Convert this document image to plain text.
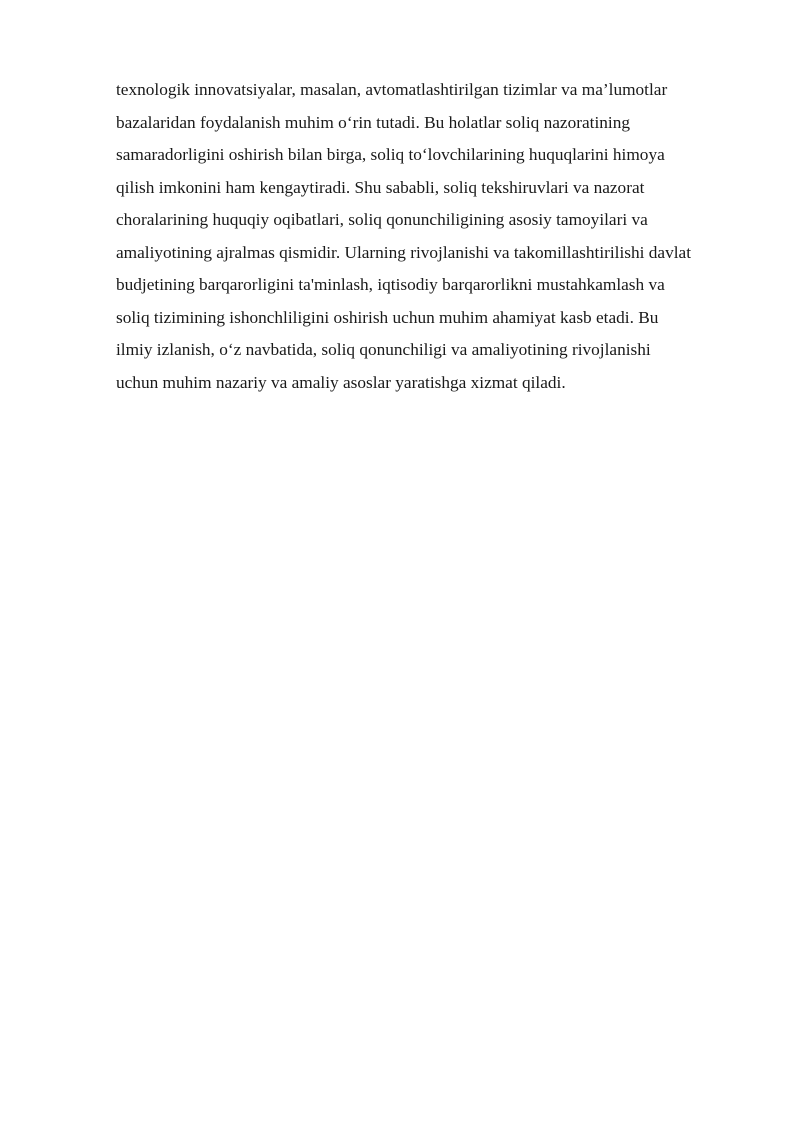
texnologik innovatsiyalar, masalan, avtomatlashtirilgan tizimlar va ma’lumotlar
bazalaridan foydalanish muhim o‘rin tutadi. Bu holatlar soliq nazoratining
samaradorligini oshirish bilan birga, soliq to‘lovchilarining huquqlarini himoya
qilish imkonini ham kengaytiradi. Shu sababli, soliq tekshiruvlari va nazorat
choralarining huquqiy oqibatlari, soliq qonunchiligining asosiy tamoyilari va
amaliyotining ajralmas qismidir. Ularning rivojlanishi va takomillashtirilishi davlat
budjetining barqarorligini ta'minlash, iqtisodiy barqarorlikni mustahkamlash va
soliq tizimining ishonchliligini oshirish uchun muhim ahamiyat kasb etadi. Bu
ilmiy izlanish, o‘z navbatida, soliq qonunchiligi va amaliyotining rivojlanishi
uchun muhim nazariy va amaliy asoslar yaratishga xizmat qiladi.
